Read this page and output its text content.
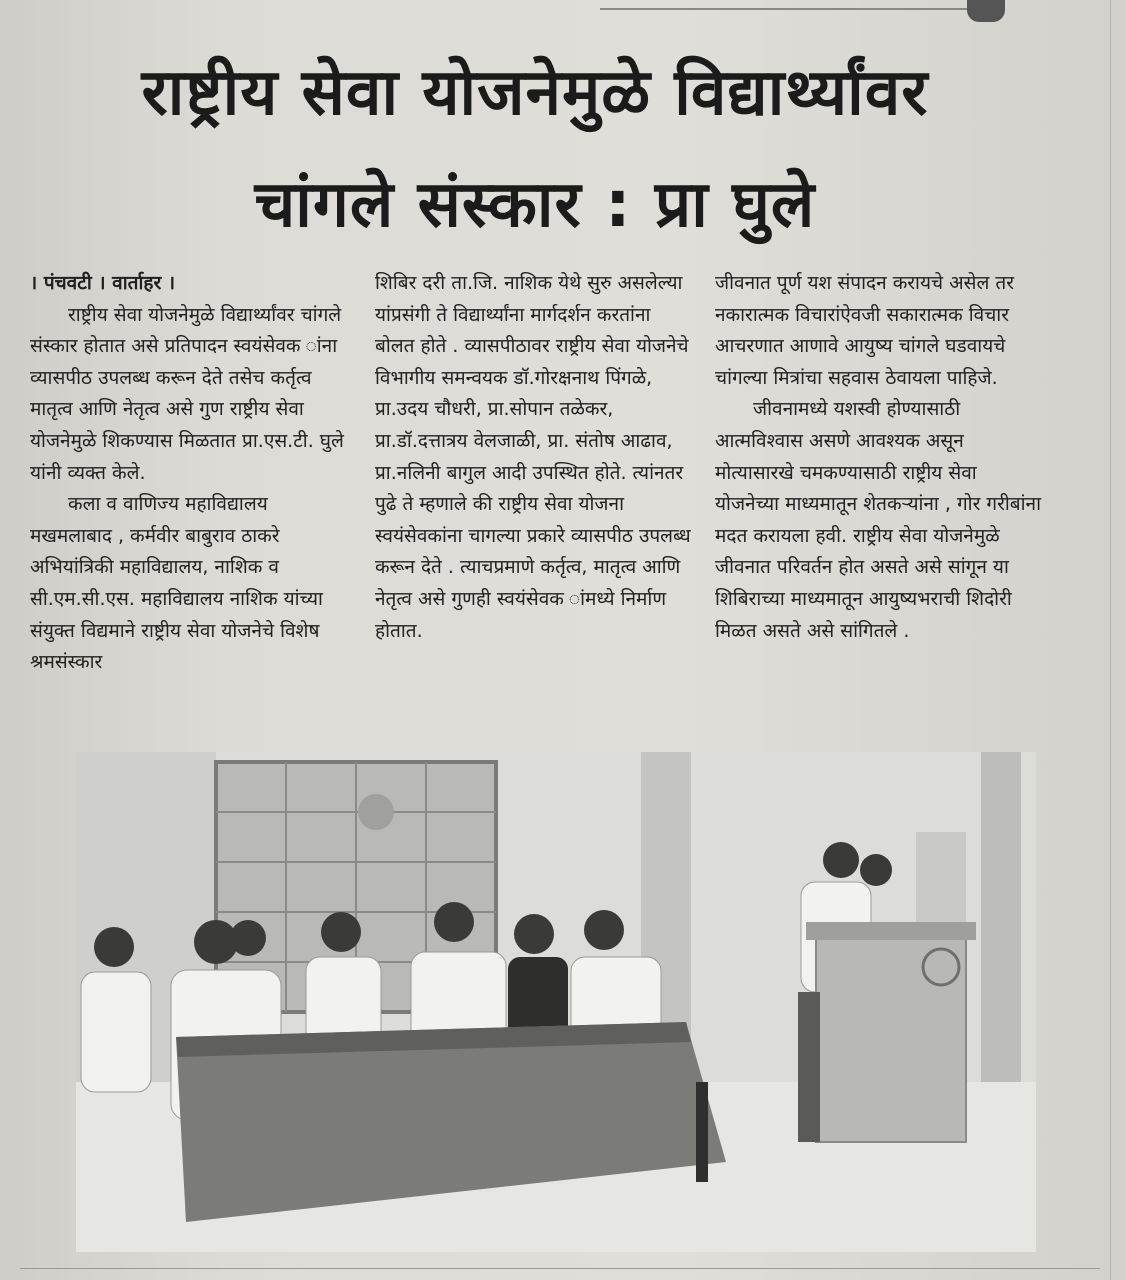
राष्ट्रीय सेवा योजनेमुळे विद्यार्थ्यांवर
चांगले संस्कार : प्रा घुले

। पंचवटी । वार्ताहर ।

राष्ट्रीय सेवा योजनेमुळे विद्यार्थ्यांवर चांगले संस्कार होतात असे प्रतिपादन स्वयंसेवक ांना व्यासपीठ उपलब्ध करून देते तसेच कर्तृत्व मातृत्व आणि नेतृत्व असे गुण राष्ट्रीय सेवा योजनेमुळे शिकण्यास मिळतात प्रा.एस.टी. घुले यांनी व्यक्त केले.

कला व वाणिज्य महाविद्यालय मखमलाबाद , कर्मवीर बाबुराव ठाकरे अभियांत्रिकी महाविद्यालय, नाशिक व सी.एम.सी.एस. महाविद्यालय नाशिक यांच्या संयुक्त विद्यमाने राष्ट्रीय सेवा योजनेचे विशेष श्रमसंस्कार

शिबिर दरी ता.जि. नाशिक येथे सुरु असलेल्या यांप्रसंगी ते विद्यार्थ्यांना मार्गदर्शन करतांना बोलत होते . व्यासपीठावर राष्ट्रीय सेवा योजनेचे विभागीय समन्वयक डॉ.गोरक्षनाथ पिंगळे, प्रा.उदय चौधरी, प्रा.सोपान तळेकर, प्रा.डॉ.दत्तात्रय वेलजाळी, प्रा. संतोष आढाव, प्रा.नलिनी बागुल आदी उपस्थित होते. त्यांनतर पुढे ते म्हणाले की राष्ट्रीय सेवा योजना स्वयंसेवकांना चागल्या प्रकारे व्यासपीठ उपलब्ध करून देते . त्याचप्रमाणे कर्तृत्व, मातृत्व आणि नेतृत्व असे गुणही स्वयंसेवक ांमध्ये निर्माण होतात.

जीवनात पूर्ण यश संपादन करायचे असेल तर नकारात्मक विचारांऐवजी सकारात्मक विचार आचरणात आणावे आयुष्य चांगले घडवायचे चांगल्या मित्रांचा सहवास ठेवायला पाहिजे.

जीवनामध्ये यशस्वी होण्यासाठी आत्मविश्वास असणे आवश्यक असून मोत्यासारखे चमकण्यासाठी राष्ट्रीय सेवा योजनेच्या माध्यमातून शेतकऱ्यांना , गोर गरीबांना मदत करायला हवी. राष्ट्रीय सेवा योजनेमुळे जीवनात परिवर्तन होत असते असे सांगून या शिबिराच्या माध्यमातून आयुष्यभराची शिदोरी मिळत असते असे सांगितले .
